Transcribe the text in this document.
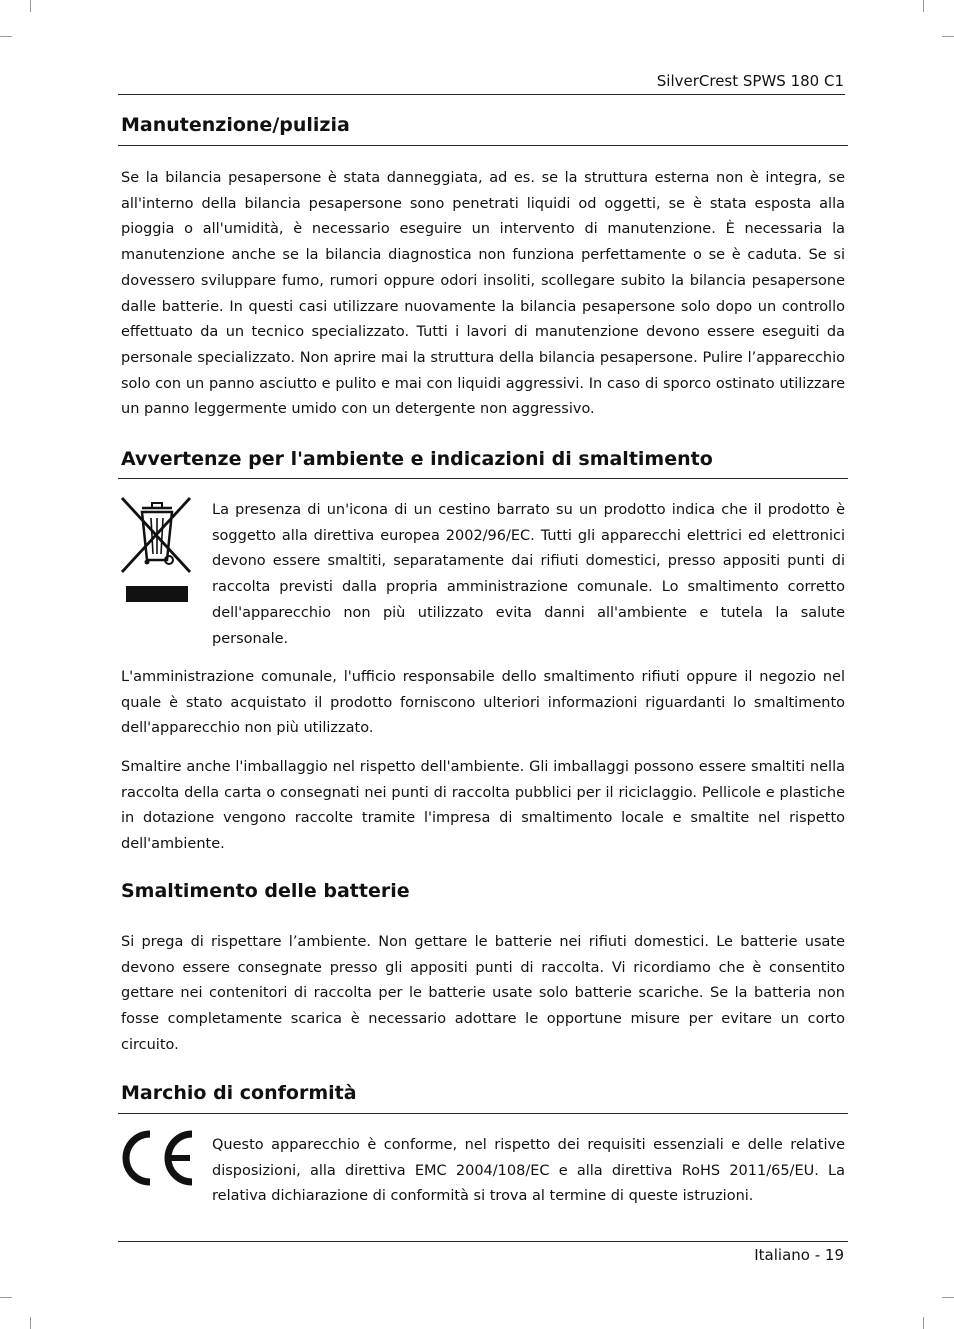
SilverCrest SPWS 180 C1
Manutenzione/pulizia

Se la bilancia pesapersone è stata danneggiata, ad es. se la struttura esterna non è integra, se all'interno della bilancia pesapersone sono penetrati liquidi od oggetti, se è stata esposta alla pioggia o all'umidità, è necessario eseguire un intervento di manutenzione. È necessaria la manutenzione anche se la bilancia diagnostica non funziona perfettamente o se è caduta. Se si dovessero sviluppare fumo, rumori oppure odori insoliti, scollegare subito la bilancia pesapersone dalle batterie. In questi casi utilizzare nuovamente la bilancia pesapersone solo dopo un controllo effettuato da un tecnico specializzato. Tutti i lavori di manutenzione devono essere eseguiti da personale specializzato. Non aprire mai la struttura della bilancia pesapersone. Pulire l’apparecchio solo con un panno asciutto e pulito e mai con liquidi aggressivi. In caso di sporco ostinato utilizzare un panno leggermente umido con un detergente non aggressivo.

Avvertenze per l'ambiente e indicazioni di smaltimento

La presenza di un'icona di un cestino barrato su un prodotto indica che il prodotto è soggetto alla direttiva europea 2002/96/EC. Tutti gli apparecchi elettrici ed elettronici devono essere smaltiti, separatamente dai rifiuti domestici, presso appositi punti di raccolta previsti dalla propria amministrazione comunale. Lo smaltimento corretto dell'apparecchio non più utilizzato evita danni all'ambiente e tutela la salute personale.

L'amministrazione comunale, l'ufficio responsabile dello smaltimento rifiuti oppure il negozio nel quale è stato acquistato il prodotto forniscono ulteriori informazioni riguardanti lo smaltimento dell'apparecchio non più utilizzato.

Smaltire anche l'imballaggio nel rispetto dell'ambiente. Gli imballaggi possono essere smaltiti nella raccolta della carta o consegnati nei punti di raccolta pubblici per il riciclaggio. Pellicole e plastiche in dotazione vengono raccolte tramite l'impresa di smaltimento locale e smaltite nel rispetto dell'ambiente.

Smaltimento delle batterie

Si prega di rispettare l’ambiente. Non gettare le batterie nei rifiuti domestici. Le batterie usate devono essere consegnate presso gli appositi punti di raccolta. Vi ricordiamo che è consentito gettare nei contenitori di raccolta per le batterie usate solo batterie scariche. Se la batteria non fosse completamente scarica è necessario adottare le opportune misure per evitare un corto circuito.

Marchio di conformità

Questo apparecchio è conforme, nel rispetto dei requisiti essenziali e delle relative disposizioni, alla direttiva EMC 2004/108/EC e alla direttiva RoHS 2011/65/EU. La relativa dichiarazione di conformità si trova al termine di queste istruzioni.

Italiano - 19
